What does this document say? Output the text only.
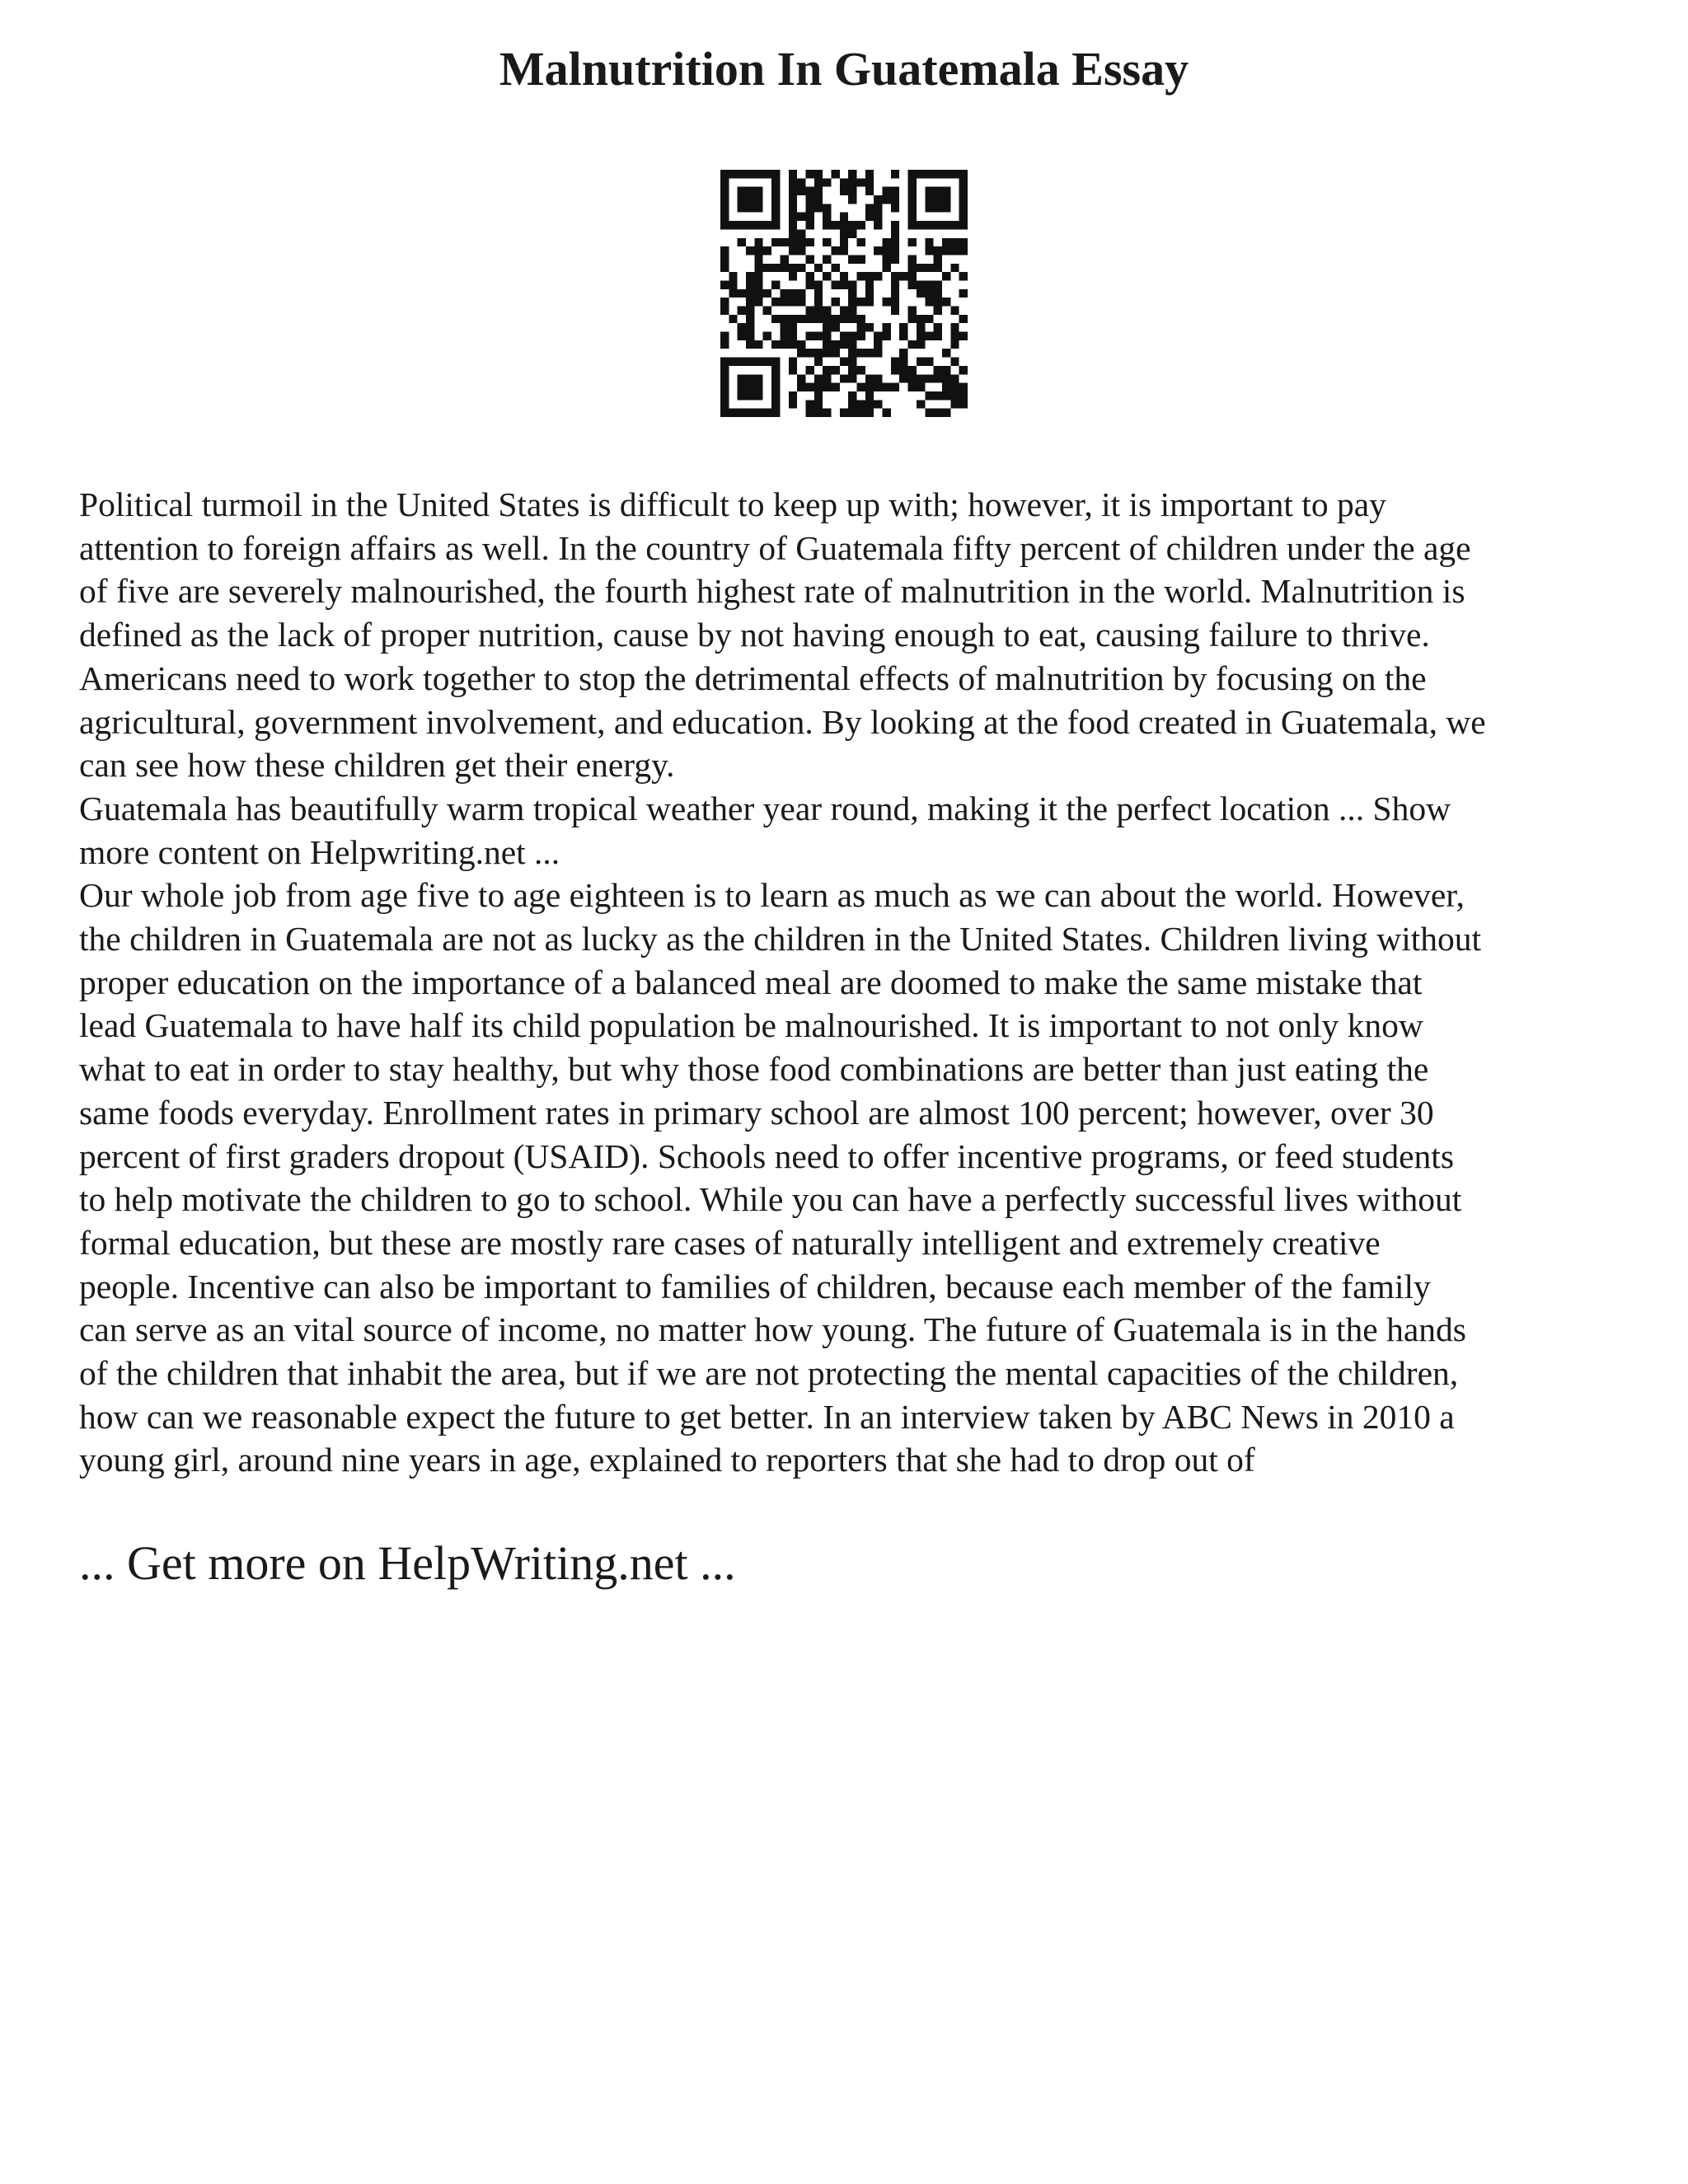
Malnutrition In Guatemala Essay

Political turmoil in the United States is difficult to keep up with; however, it is important to pay

attention to foreign affairs as well. In the country of Guatemala fifty percent of children under the age

of five are severely malnourished, the fourth highest rate of malnutrition in the world. Malnutrition is

defined as the lack of proper nutrition, cause by not having enough to eat, causing failure to thrive.

Americans need to work together to stop the detrimental effects of malnutrition by focusing on the

agricultural, government involvement, and education. By looking at the food created in Guatemala, we

can see how these children get their energy.

Guatemala has beautifully warm tropical weather year round, making it the perfect location ... Show

more content on Helpwriting.net ...

Our whole job from age five to age eighteen is to learn as much as we can about the world. However,

the children in Guatemala are not as lucky as the children in the United States. Children living without

proper education on the importance of a balanced meal are doomed to make the same mistake that

lead Guatemala to have half its child population be malnourished. It is important to not only know

what to eat in order to stay healthy, but why those food combinations are better than just eating the

same foods everyday. Enrollment rates in primary school are almost 100 percent; however, over 30

percent of first graders dropout (USAID). Schools need to offer incentive programs, or feed students

to help motivate the children to go to school. While you can have a perfectly successful lives without

formal education, but these are mostly rare cases of naturally intelligent and extremely creative

people. Incentive can also be important to families of children, because each member of the family

can serve as an vital source of income, no matter how young. The future of Guatemala is in the hands

of the children that inhabit the area, but if we are not protecting the mental capacities of the children,

how can we reasonable expect the future to get better. In an interview taken by ABC News in 2010 a

young girl, around nine years in age, explained to reporters that she had to drop out of

... Get more on HelpWriting.net ...
